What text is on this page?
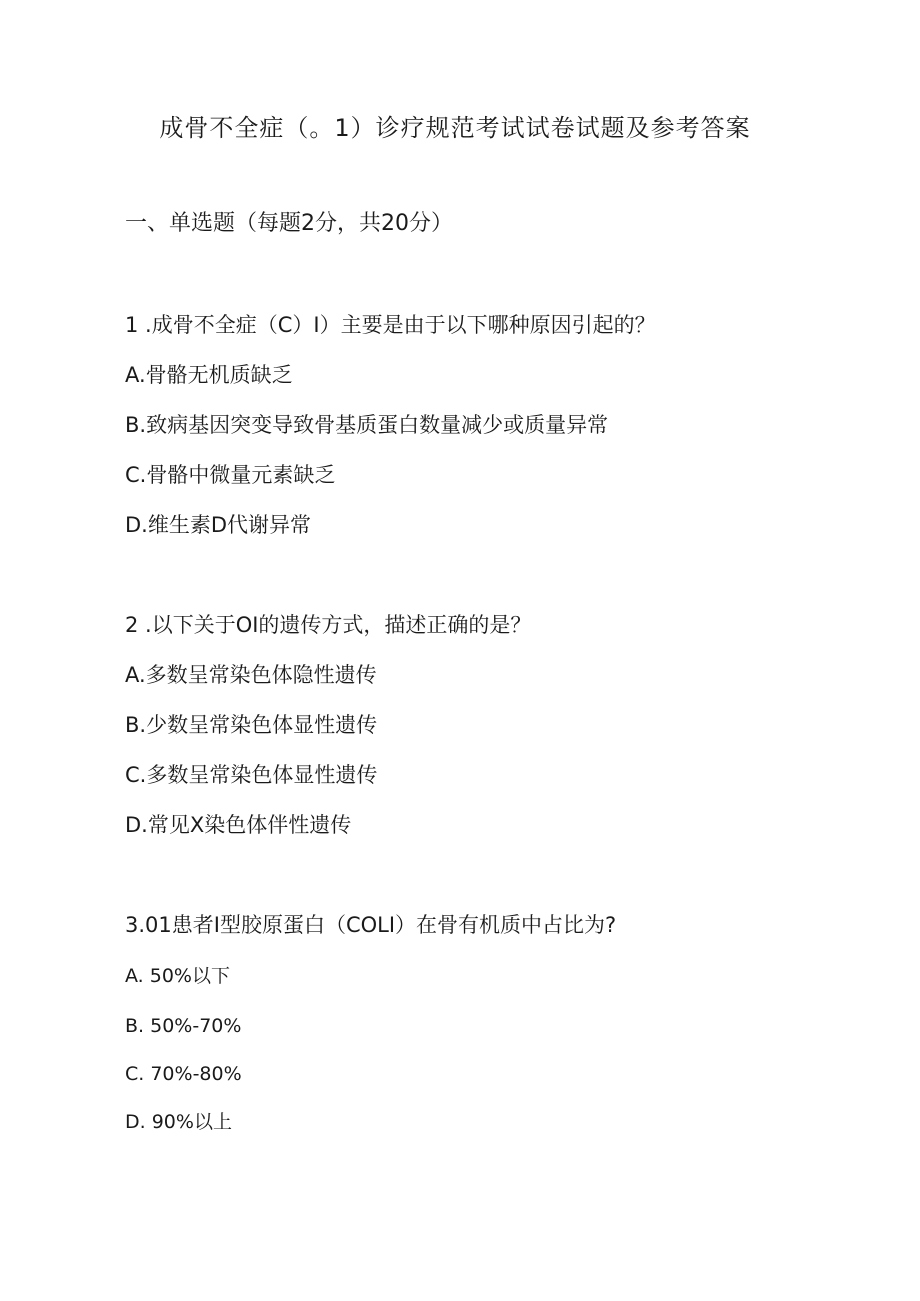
成骨不全症（。1）诊疗规范考试试卷试题及参考答案
一、单选题（每题2分，共20分）
1 .成骨不全症（C）I）主要是由于以下哪种原因引起的？
A.骨骼无机质缺乏
B.致病基因突变导致骨基质蛋白数量减少或质量异常
C.骨骼中微量元素缺乏
D.维生素D代谢异常
2 .以下关于OI的遗传方式，描述正确的是？
A.多数呈常染色体隐性遗传
B.少数呈常染色体显性遗传
C.多数呈常染色体显性遗传
D.常见X染色体伴性遗传
3.01患者I型胶原蛋白（COLI）在骨有机质中占比为?
A. 50%以下
B. 50%-70%
C. 70%-80%
D. 90%以上
